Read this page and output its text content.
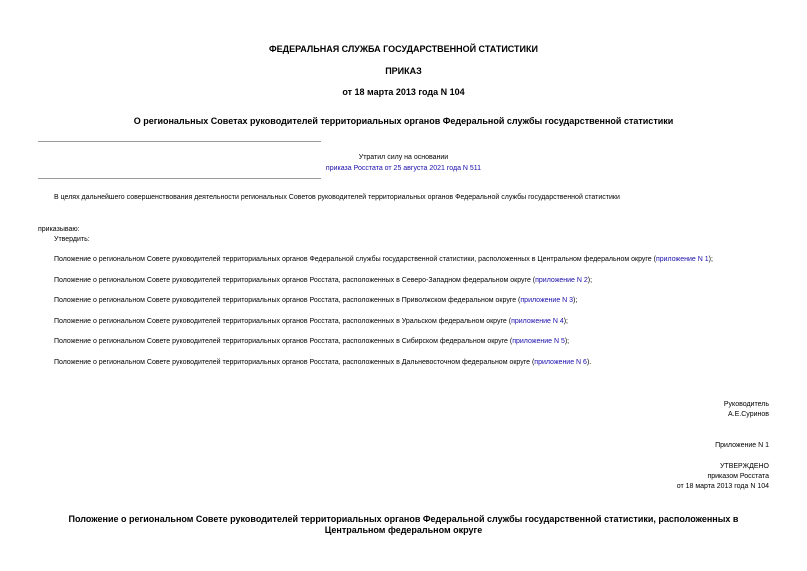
ФЕДЕРАЛЬНАЯ СЛУЖБА ГОСУДАРСТВЕННОЙ СТАТИСТИКИ
ПРИКАЗ
от 18 марта 2013 года N 104
О региональных Советах руководителей территориальных органов Федеральной службы государственной статистики
Утратил силу на основании
приказа Росстата от 25 августа 2021 года N 511
В целях дальнейшего совершенствования деятельности региональных Советов руководителей территориальных органов Федеральной службы государственной статистики
приказываю:
Утвердить:
Положение о региональном Совете руководителей территориальных органов Федеральной службы государственной статистики, расположенных в Центральном федеральном округе (приложение N 1);
Положение о региональном Совете руководителей территориальных органов Росстата, расположенных в Северо-Западном федеральном округе (приложение N 2);
Положение о региональном Совете руководителей территориальных органов Росстата, расположенных в Приволжском федеральном округе (приложение N 3);
Положение о региональном Совете руководителей территориальных органов Росстата, расположенных в Уральском федеральном округе (приложение N 4);
Положение о региональном Совете руководителей территориальных органов Росстата, расположенных в Сибирском федеральном округе (приложение N 5);
Положение о региональном Совете руководителей территориальных органов Росстата, расположенных в Дальневосточном федеральном округе (приложение N 6).
Руководитель
А.Е.Суринов
Приложение N 1
УТВЕРЖДЕНО
приказом Росстата
от 18 марта 2013 года N 104
Положение о региональном Совете руководителей территориальных органов Федеральной службы государственной статистики, расположенных в Центральном федеральном округе
